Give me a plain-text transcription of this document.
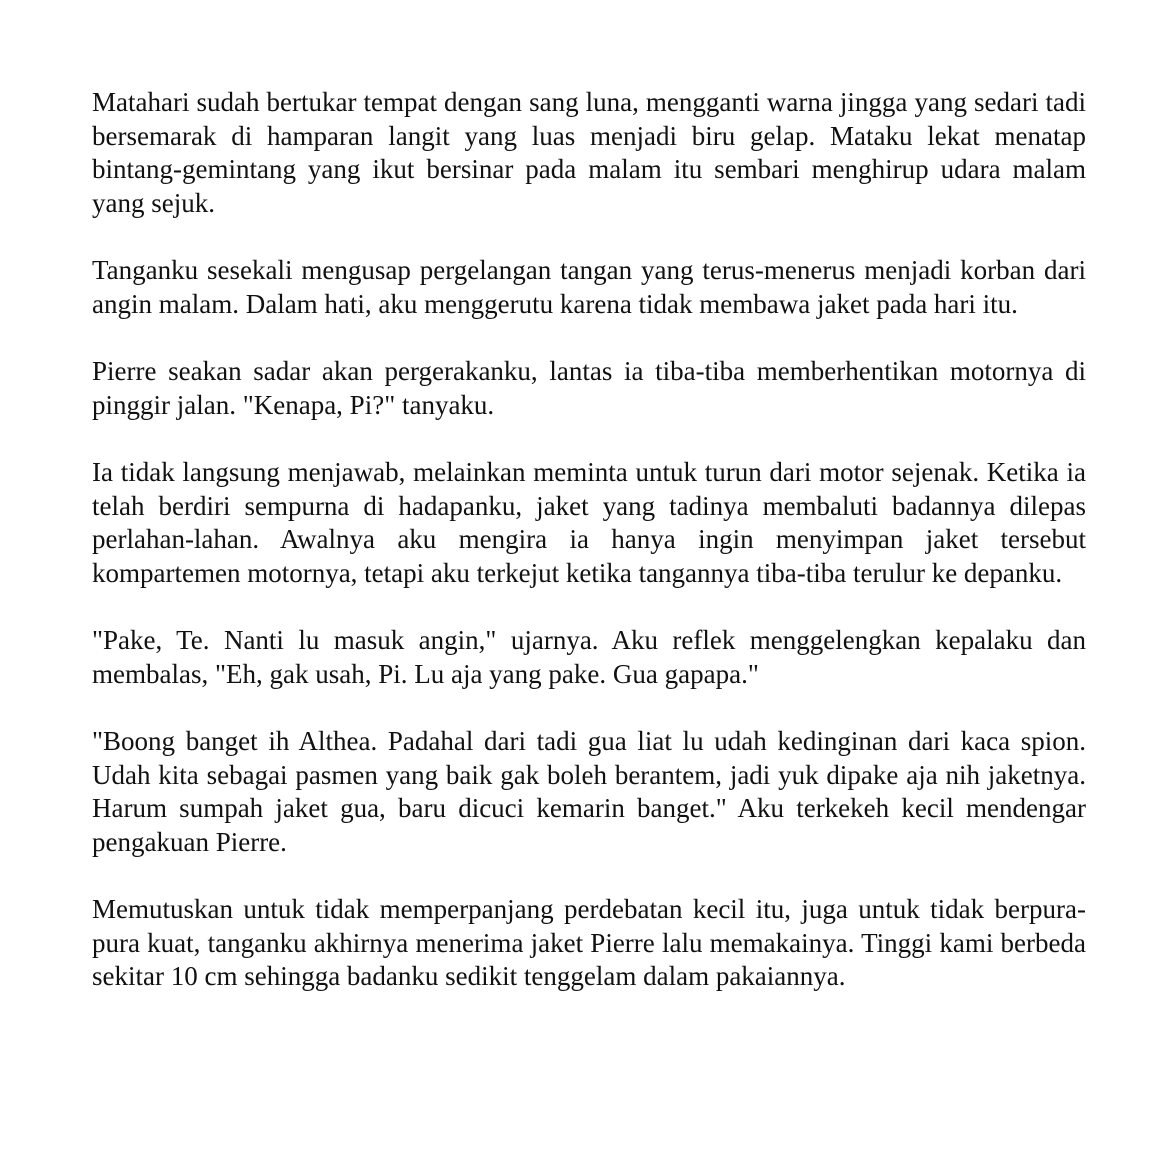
Matahari sudah bertukar tempat dengan sang luna, mengganti warna jingga yang sedari tadi bersemarak di hamparan langit yang luas menjadi biru gelap. Mataku lekat menatap bintang-gemintang yang ikut bersinar pada malam itu sembari menghirup udara malam yang sejuk.

Tanganku sesekali mengusap pergelangan tangan yang terus-menerus menjadi korban dari angin malam. Dalam hati, aku menggerutu karena tidak membawa jaket pada hari itu.

Pierre seakan sadar akan pergerakanku, lantas ia tiba-tiba memberhentikan motornya di pinggir jalan. "Kenapa, Pi?" tanyaku.

Ia tidak langsung menjawab, melainkan meminta untuk turun dari motor sejenak. Ketika ia telah berdiri sempurna di hadapanku, jaket yang tadinya membaluti badannya dilepas perlahan-lahan. Awalnya aku mengira ia hanya ingin menyimpan jaket tersebut kompartemen motornya, tetapi aku terkejut ketika tangannya tiba-tiba terulur ke depanku.

"Pake, Te. Nanti lu masuk angin," ujarnya. Aku reflek menggelengkan kepalaku dan membalas, "Eh, gak usah, Pi. Lu aja yang pake. Gua gapapa."

"Boong banget ih Althea. Padahal dari tadi gua liat lu udah kedinginan dari kaca spion. Udah kita sebagai pasmen yang baik gak boleh berantem, jadi yuk dipake aja nih jaketnya. Harum sumpah jaket gua, baru dicuci kemarin banget." Aku terkekeh kecil mendengar pengakuan Pierre.

Memutuskan untuk tidak memperpanjang perdebatan kecil itu, juga untuk tidak berpura-pura kuat, tanganku akhirnya menerima jaket Pierre lalu memakainya. Tinggi kami berbeda sekitar 10 cm sehingga badanku sedikit tenggelam dalam pakaiannya.
